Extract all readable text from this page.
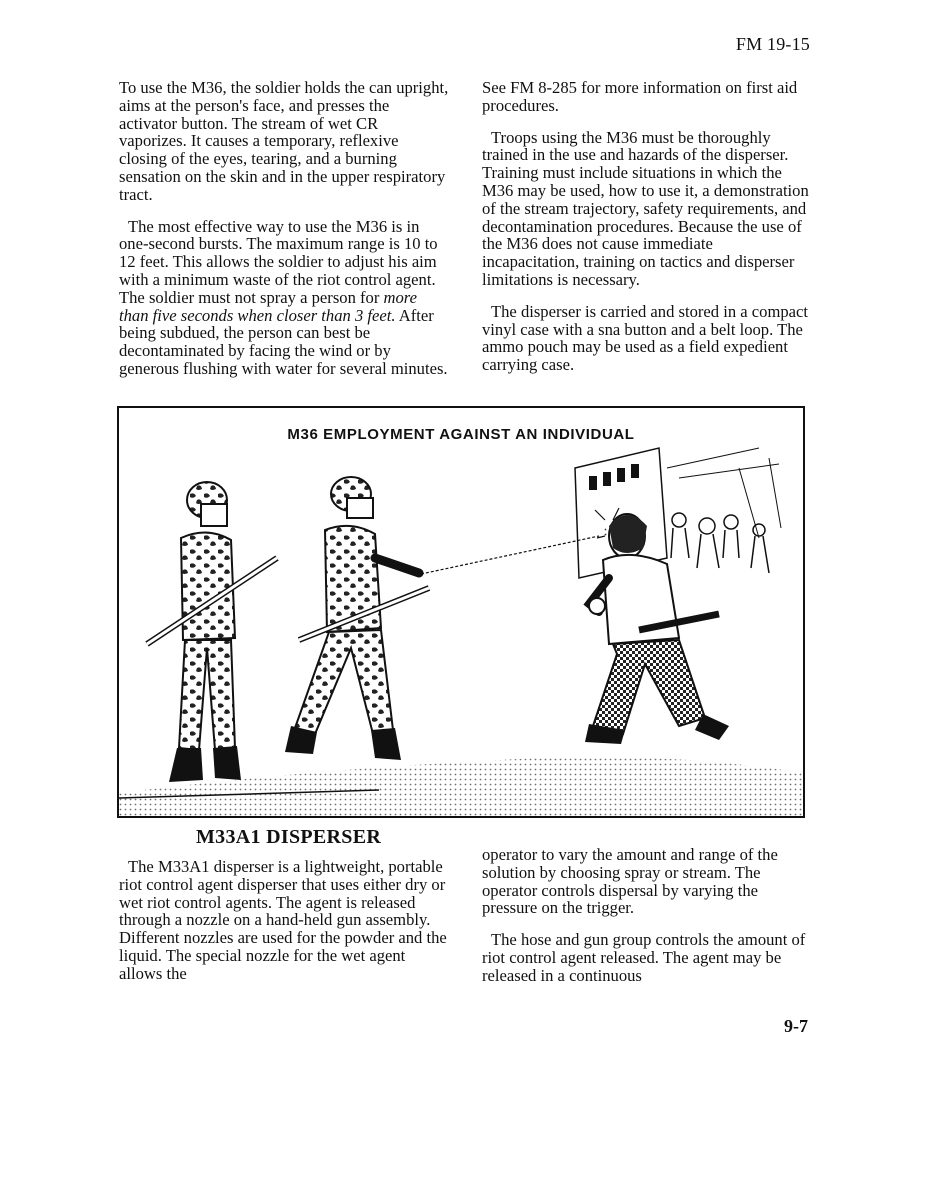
FM 19-15

To use the M36, the soldier holds the can upright, aims at the person's face, and presses the activator button. The stream of wet CR vaporizes. It causes a temporary, reflexive closing of the eyes, tearing, and a burning sensation on the skin and in the upper respiratory tract.

The most effective way to use the M36 is in one-second bursts. The maximum range is 10 to 12 feet. This allows the soldier to adjust his aim with a minimum waste of the riot control agent. The soldier must not spray a person for more than five seconds when closer than 3 feet. After being subdued, the person can best be decontaminated by facing the wind or by generous flushing with water for several minutes.

See FM 8-285 for more information on first aid procedures.

Troops using the M36 must be thoroughly trained in the use and hazards of the disperser. Training must include situations in which the M36 may be used, how to use it, a demonstration of the stream trajectory, safety requirements, and decontamination procedures. Because the use of the M36 does not cause immediate incapacitation, training on tactics and disperser limitations is necessary.

The disperser is carried and stored in a compact vinyl case with a sna button and a belt loop. The ammo pouch may be used as a field expedient carrying case.

M36 EMPLOYMENT AGAINST AN INDIVIDUAL
M33A1 DISPERSER

The M33A1 disperser is a lightweight, portable riot control agent disperser that uses either dry or wet riot control agents. The agent is released through a nozzle on a hand-held gun assembly. Different nozzles are used for the powder and the liquid. The special nozzle for the wet agent allows the

operator to vary the amount and range of the solution by choosing spray or stream. The operator controls dispersal by varying the pressure on the trigger.

The hose and gun group controls the amount of riot control agent released. The agent may be released in a continuous

9-7
